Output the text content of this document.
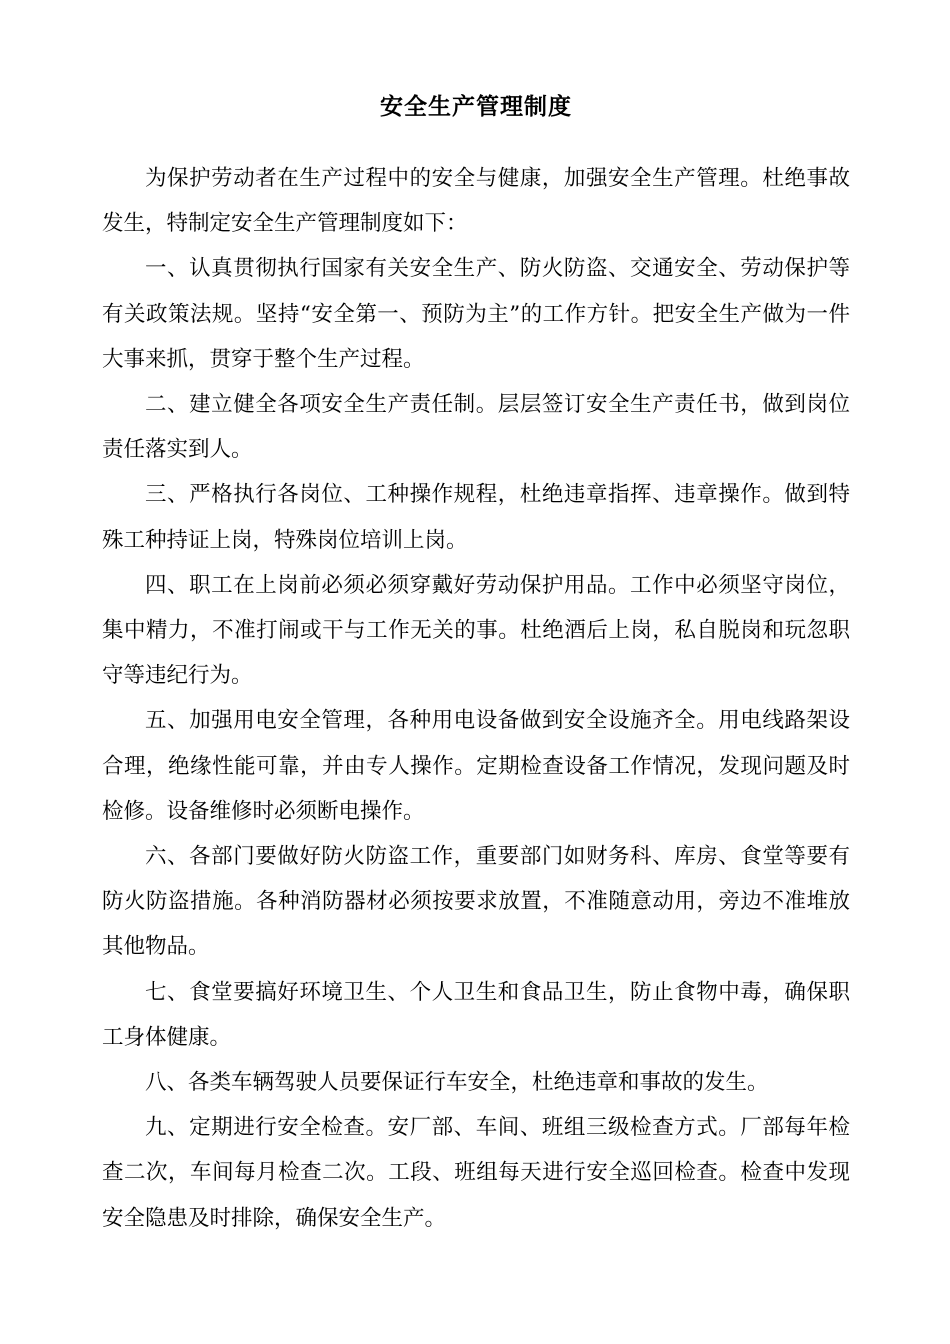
安全生产管理制度

为保护劳动者在生产过程中的安全与健康，加强安全生产管理。杜绝事故发生，特制定安全生产管理制度如下：

一、认真贯彻执行国家有关安全生产、防火防盗、交通安全、劳动保护等有关政策法规。坚持“安全第一、预防为主”的工作方针。把安全生产做为一件大事来抓，贯穿于整个生产过程。

二、建立健全各项安全生产责任制。层层签订安全生产责任书，做到岗位责任落实到人。

三、严格执行各岗位、工种操作规程，杜绝违章指挥、违章操作。做到特殊工种持证上岗，特殊岗位培训上岗。

四、职工在上岗前必须必须穿戴好劳动保护用品。工作中必须坚守岗位，集中精力，不准打闹或干与工作无关的事。杜绝酒后上岗，私自脱岗和玩忽职守等违纪行为。

五、加强用电安全管理，各种用电设备做到安全设施齐全。用电线路架设合理，绝缘性能可靠，并由专人操作。定期检查设备工作情况，发现问题及时检修。设备维修时必须断电操作。

六、各部门要做好防火防盗工作，重要部门如财务科、库房、食堂等要有防火防盗措施。各种消防器材必须按要求放置，不准随意动用，旁边不准堆放其他物品。

七、食堂要搞好环境卫生、个人卫生和食品卫生，防止食物中毒，确保职工身体健康。

八、各类车辆驾驶人员要保证行车安全，杜绝违章和事故的发生。

九、定期进行安全检查。安厂部、车间、班组三级检查方式。厂部每年检查二次，车间每月检查二次。工段、班组每天进行安全巡回检查。检查中发现安全隐患及时排除，确保安全生产。
